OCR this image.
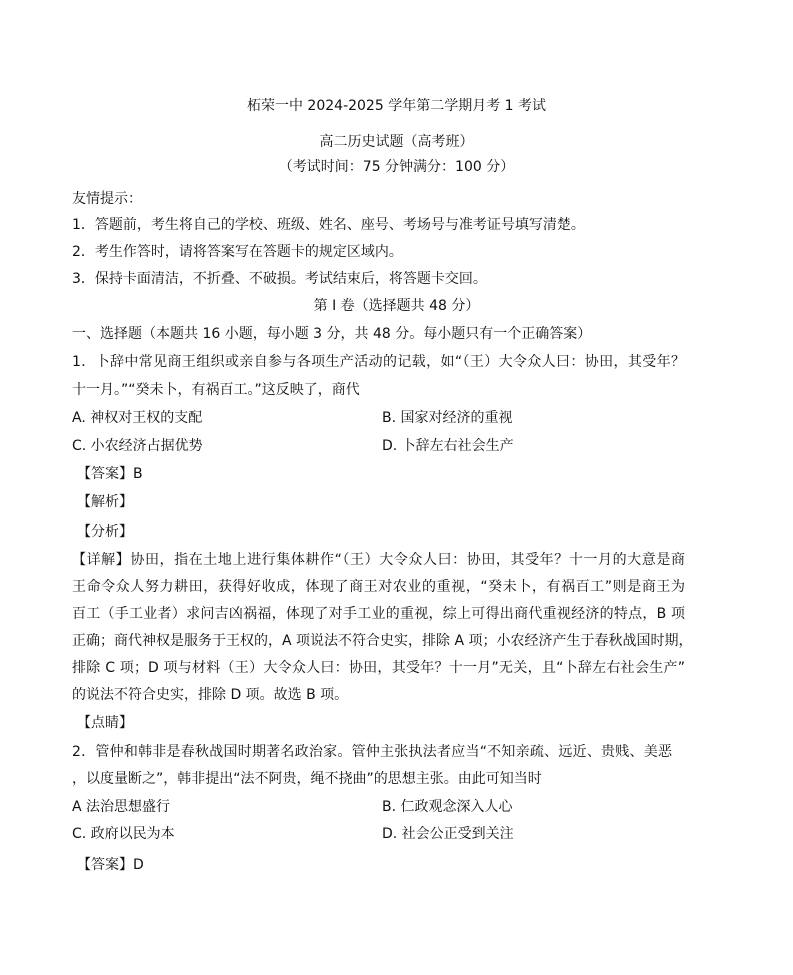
柘荣一中 2024-2025 学年第二学期月考 1 考试
高二历史试题（高考班）
（考试时间：75 分钟满分：100 分）
友情提示：
1．答题前，考生将自己的学校、班级、姓名、座号、考场号与准考证号填写清楚。
2．考生作答时，请将答案写在答题卡的规定区域内。
3．保持卡面清洁，不折叠、不破损。考试结束后，将答题卡交回。
第 I 卷（选择题共 48 分）
一、选择题（本题共 16 小题，每小题 3 分，共 48 分。每小题只有一个正确答案）
1．卜辞中常见商王组织或亲自参与各项生产活动的记载，如“（王）大令众人曰：协田，其受年？
十一月。”“癸未卜，有祸百工。”这反映了，商代
A. 神权对王权的支配	B. 国家对经济的重视
C. 小农经济占据优势	D. 卜辞左右社会生产
【答案】B
【解析】
【分析】
【详解】协田，指在土地上进行集体耕作“（王）大令众人曰：协田，其受年？十一月的大意是商
王命令众人努力耕田，获得好收成，体现了商王对农业的重视，“癸未卜，有祸百工”则是商王为
百工（手工业者）求问吉凶祸福，体现了对手工业的重视，综上可得出商代重视经济的特点，B 项
正确；商代神权是服务于王权的，A 项说法不符合史实，排除 A 项；小农经济产生于春秋战国时期，
排除 C 项；D 项与材料（王）大令众人曰：协田，其受年？十一月”无关，且“卜辞左右社会生产”
的说法不符合史实，排除 D 项。故选 B 项。
【点睛】
2．管仲和韩非是春秋战国时期著名政治家。管仲主张执法者应当“不知亲疏、远近、贵贱、美恶
，以度量断之”，韩非提出“法不阿贵，绳不挠曲”的思想主张。由此可知当时
A 法治思想盛行	B. 仁政观念深入人心
C. 政府以民为本	D. 社会公正受到关注
【答案】D
